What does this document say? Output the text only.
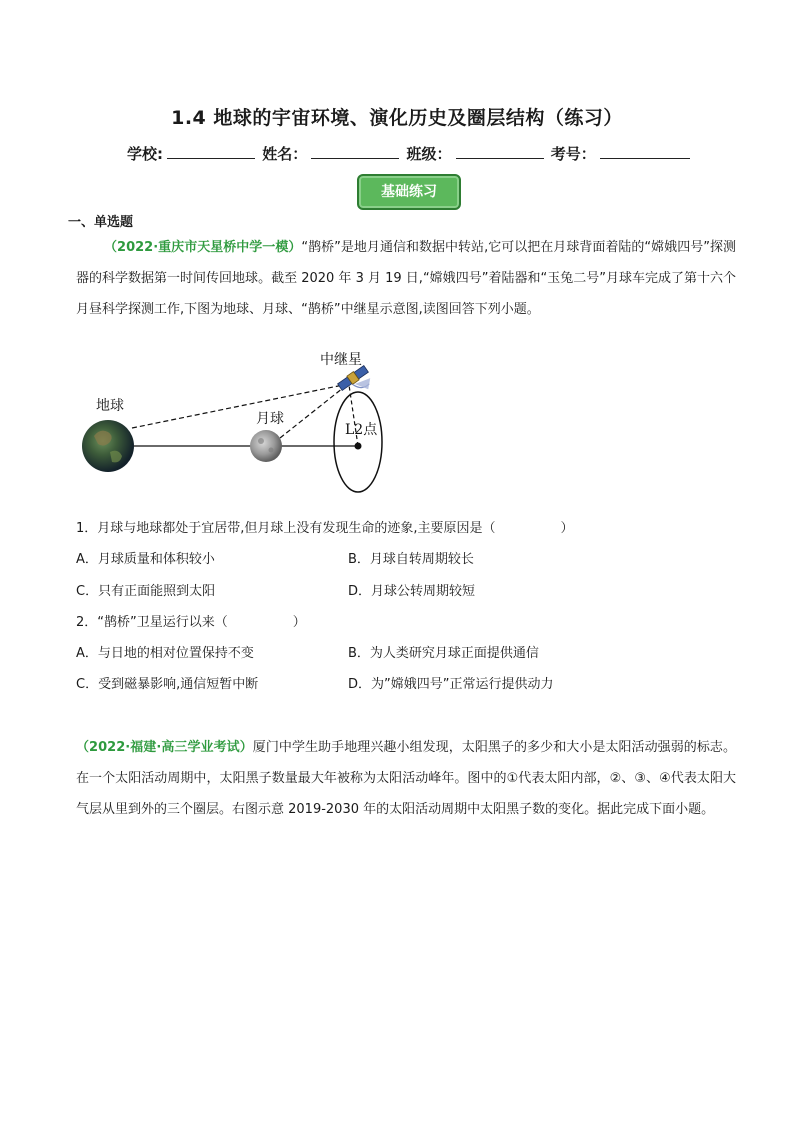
1.4 地球的宇宙环境、演化历史及圈层结构（练习）
学校:	姓名：	班级：	考号：
基础练习
一、单选题
（2022·重庆市天星桥中学一模）“鹊桥”是地月通信和数据中转站,它可以把在月球背面着陆的“嫦娥四号”探测器的科学数据第一时间传回地球。截至 2020 年 3 月 19 日,“嫦娥四号”着陆器和“玉兔二号”月球车完成了第十六个月昼科学探测工作,下图为地球、月球、“鹊桥”中继星示意图,读图回答下列小题。
地球
月球
中继星
L2点
1．月球与地球都处于宜居带,但月球上没有发现生命的迹象,主要原因是（　　　　　）
A．月球质量和体积较小	B．月球自转周期较长
C．只有正面能照到太阳	D．月球公转周期较短
2．“鹊桥”卫星运行以来（　　　　　）
A．与日地的相对位置保持不变	B．为人类研究月球正面提供通信
C．受到磁暴影响,通信短暂中断	D．为”嫦娥四号”正常运行提供动力
（2022·福建·高三学业考试）厦门中学生助手地理兴趣小组发现，太阳黑子的多少和大小是太阳活动强弱的标志。在一个太阳活动周期中，太阳黑子数量最大年被称为太阳活动峰年。图中的①代表太阳内部，②、③、④代表太阳大气层从里到外的三个圈层。右图示意 2019-2030 年的太阳活动周期中太阳黑子数的变化。据此完成下面小题。
